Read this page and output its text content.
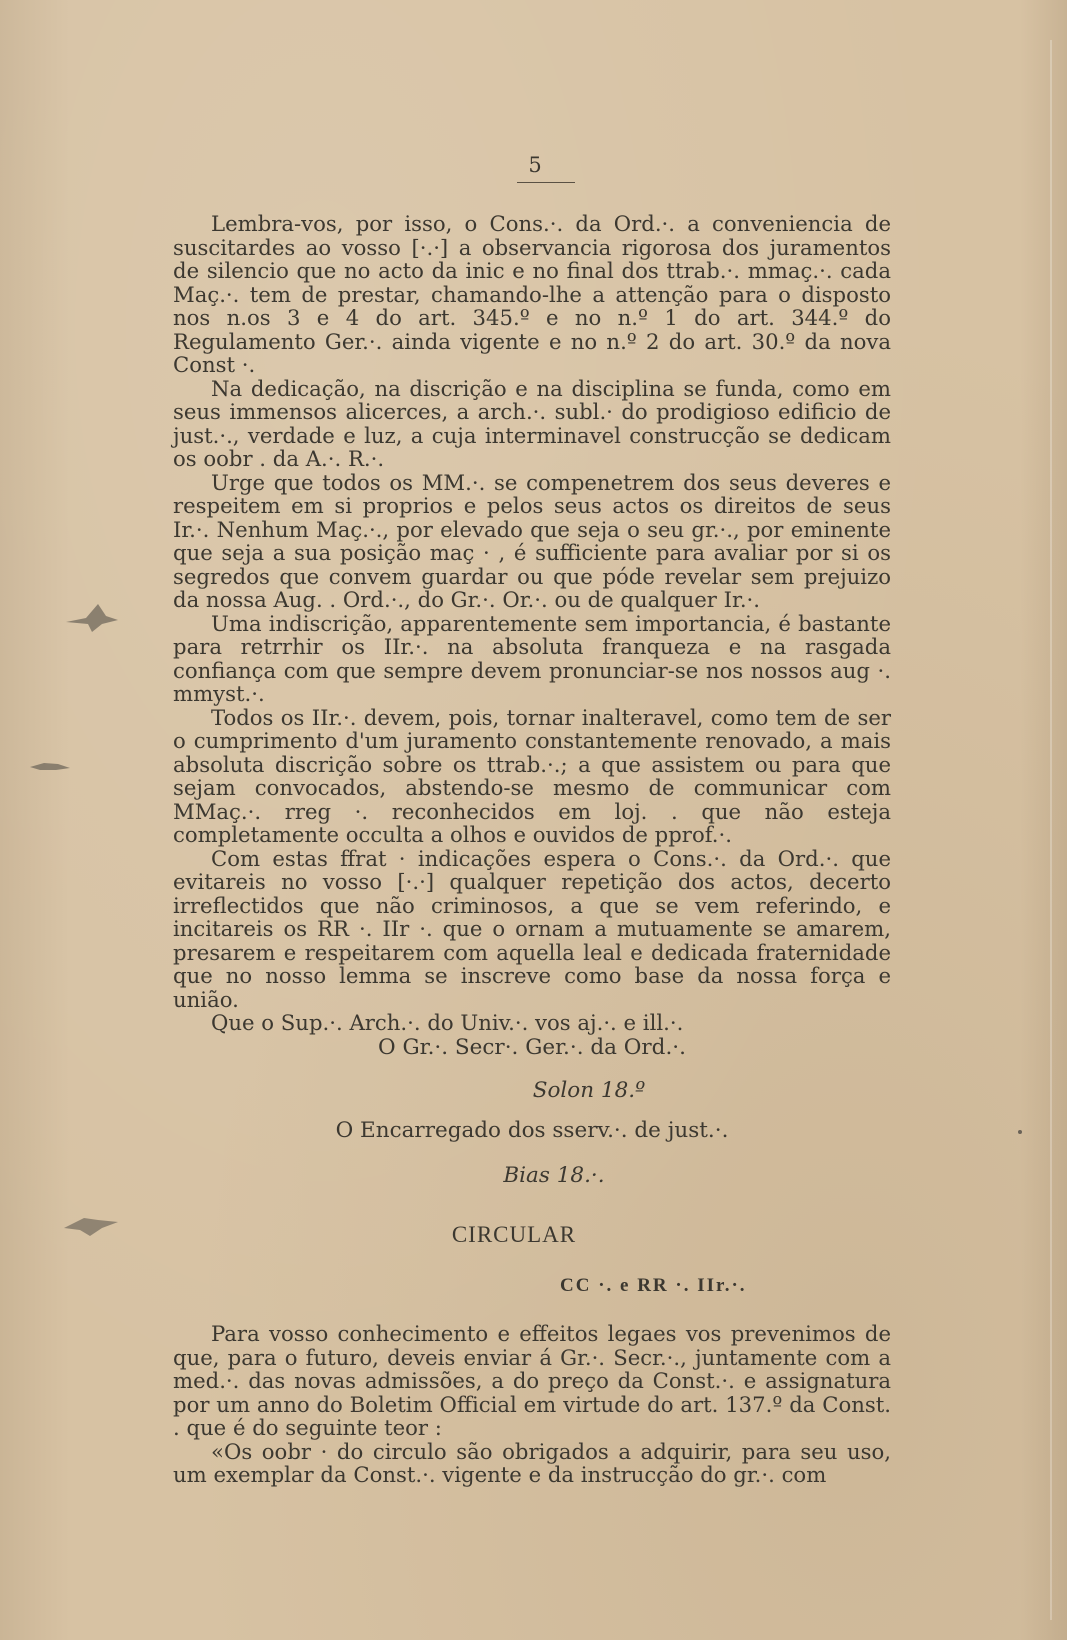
5

Lembra-vos, por isso, o Cons.·. da Ord.·. a conveniencia de suscitardes ao vosso [·.·] a observancia rigorosa dos juramentos de silencio que no acto da inic e no final dos ttrab.·. mmaç.·. cada Maç.·. tem de prestar, chamando-lhe a attenção para o disposto nos n.os 3 e 4 do art. 345.º e no n.º 1 do art. 344.º do Regulamento Ger.·. ainda vigente e no n.º 2 do art. 30.º da nova Const ·.

Na dedicação, na discrição e na disciplina se funda, como em seus immensos alicerces, a arch.·. subl.· do prodigioso edificio de just.·., verdade e luz, a cuja interminavel construcção se dedicam os oobr . da A.·. R.·.

Urge que todos os MM.·. se compenetrem dos seus deveres e respeitem em si proprios e pelos seus actos os direitos de seus Ir.·. Nenhum Maç.·., por elevado que seja o seu gr.·., por eminente que seja a sua posição maç · , é sufficiente para avaliar por si os segredos que convem guardar ou que póde revelar sem prejuizo da nossa Aug. . Ord.·., do Gr.·. Or.·. ou de qualquer Ir.·.

Uma indiscrição, apparentemente sem importancia, é bastante para retrrhir os IIr.·. na absoluta franqueza e na rasgada confiança com que sempre devem pronunciar-se nos nossos aug ·. mmyst.·.

Todos os IIr.·. devem, pois, tornar inalteravel, como tem de ser o cumprimento d'um juramento constantemente renovado, a mais absoluta discrição sobre os ttrab.·.; a que assistem ou para que sejam convocados, abstendo-se mesmo de communicar com MMaç.·. rreg ·. reconhecidos em loj. . que não esteja completamente occulta a olhos e ouvidos de pprof.·.

Com estas ffrat · indicações espera o Cons.·. da Ord.·. que evitareis no vosso [·.·] qualquer repetição dos actos, decerto irreflectidos que não criminosos, a que se vem referindo, e incitareis os RR ·. IIr ·. que o ornam a mutuamente se amarem, presarem e respeitarem com aquella leal e dedicada fraternidade que no nosso lemma se inscreve como base da nossa força e união.

Que o Sup.·. Arch.·. do Univ.·. vos aj.·. e ill.·.

O Gr.·. Secr·. Ger.·. da Ord.·.
Solon 18.º
O Encarregado dos sserv.·. de just.·.
Bias 18.·.
CIRCULAR
CC ·. e RR ·. IIr.·.

Para vosso conhecimento e effeitos legaes vos prevenimos de que, para o futuro, deveis enviar á Gr.·. Secr.·., juntamente com a med.·. das novas admissões, a do preço da Const.·. e assignatura por um anno do Boletim Official em virtude do art. 137.º da Const. . que é do seguinte teor :

«Os oobr · do circulo são obrigados a adquirir, para seu uso, um exemplar da Const.·. vigente e da instrucção do gr.·. com
